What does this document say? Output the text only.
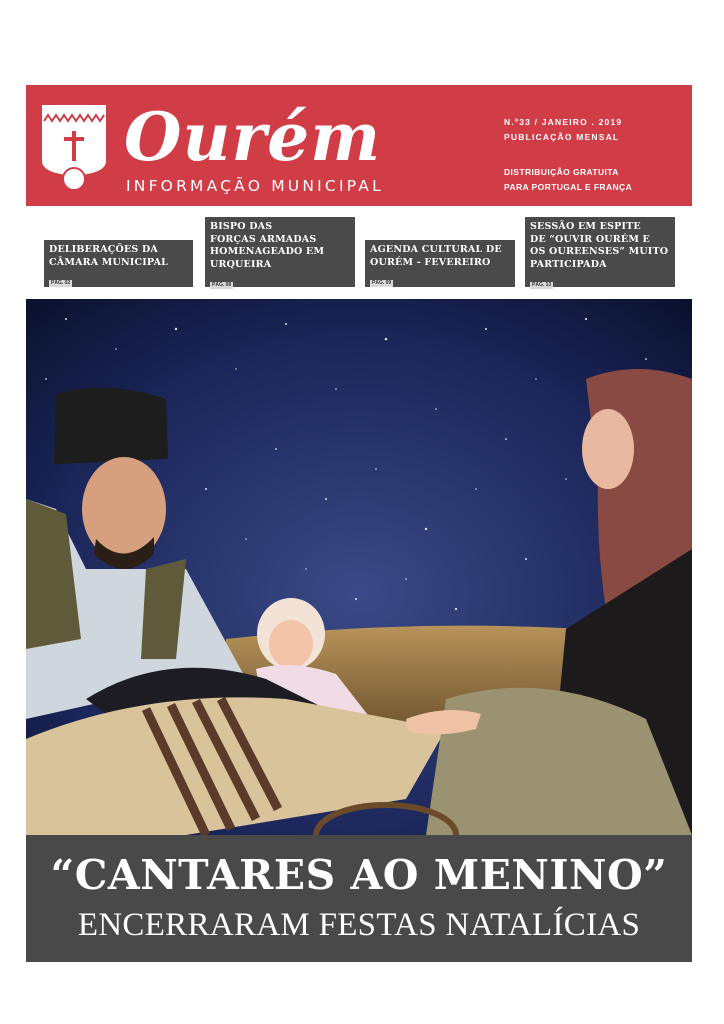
Ourém
INFORMAÇÃO MUNICIPAL
N.º33 / JANEIRO . 2019
PUBLICAÇÃO MENSAL
DISTRIBUIÇÃO GRATUITA
PARA PORTUGAL E FRANÇA
DELIBERAÇÕES DA
CÂMARA MUNICIPAL
PÁG. 02
BISPO DAS
FORÇAS ARMADAS
HOMENAGEADO EM
URQUEIRA
PÁG. 08
AGENDA CULTURAL DE
OURÉM - FEVEREIRO
PÁG. 09
SESSÃO EM ESPITE
DE “OUVIR OURÉM E
OS OUREENSES” MUITO
PARTICIPADA
PÁG. 13
“CANTARES AO MENINO”
ENCERRARAM FESTAS NATALÍCIAS
